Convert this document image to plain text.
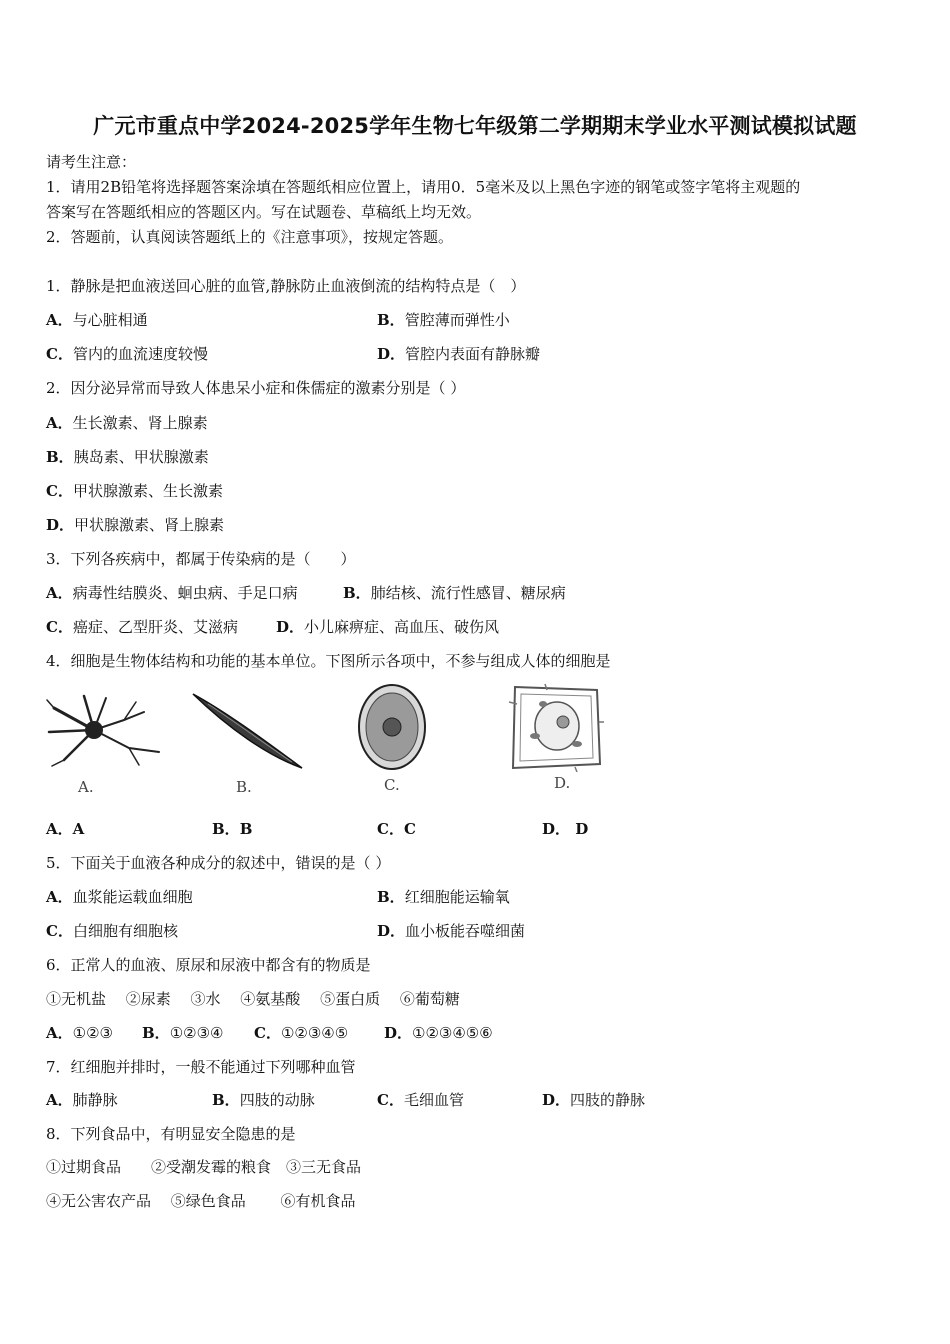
广元市重点中学2024-2025学年生物七年级第二学期期末学业水平测试模拟试题
请考生注意：
1．请用2B铅笔将选择题答案涂填在答题纸相应位置上，请用0．5毫米及以上黑色字迹的钢笔或签字笔将主观题的
答案写在答题纸相应的答题区内。写在试题卷、草稿纸上均无效。
2．答题前，认真阅读答题纸上的《注意事项》，按规定答题。
1．静脉是把血液送回心脏的血管,静脉防止血液倒流的结构特点是（　）
A．与心脏相通	B．管腔薄而弹性小
C．管内的血流速度较慢	D．管腔内表面有静脉瓣
2．因分泌异常而导致人体患呆小症和侏儒症的激素分别是（ ）
A．生长激素、肾上腺素
B．胰岛素、甲状腺激素
C．甲状腺激素、生长激素
D．甲状腺激素、肾上腺素
3．下列各疾病中，都属于传染病的是（　　）
A．病毒性结膜炎、蛔虫病、手足口病	B．肺结核、流行性感冒、糖尿病
C．癌症、乙型肝炎、艾滋病	D．小儿麻痹症、高血压、破伤风
4．细胞是生物体结构和功能的基本单位。下图所示各项中，不参与组成人体的细胞是
A.	B.	C.	D.
A．A	B．B	C．C	D． D
5．下面关于血液各种成分的叙述中，错误的是（ ）
A．血浆能运载血细胞	B．红细胞能运输氧
C．白细胞有细胞核	D．血小板能吞噬细菌
6．正常人的血液、原尿和尿液中都含有的物质是
①无机盐　 ②尿素　 ③水　 ④氨基酸　 ⑤蛋白质　 ⑥葡萄糖
A．①②③ B．①②③④ C．①②③④⑤ D．①②③④⑤⑥
7．红细胞并排时，一般不能通过下列哪种血管
A．肺静脉	B．四肢的动脉	C．毛细血管	D．四肢的静脉
8．下列食品中，有明显安全隐患的是
①过期食品　　②受潮发霉的粮食　③三无食品
④无公害农产品　 ⑤绿色食品　　 ⑥有机食品
